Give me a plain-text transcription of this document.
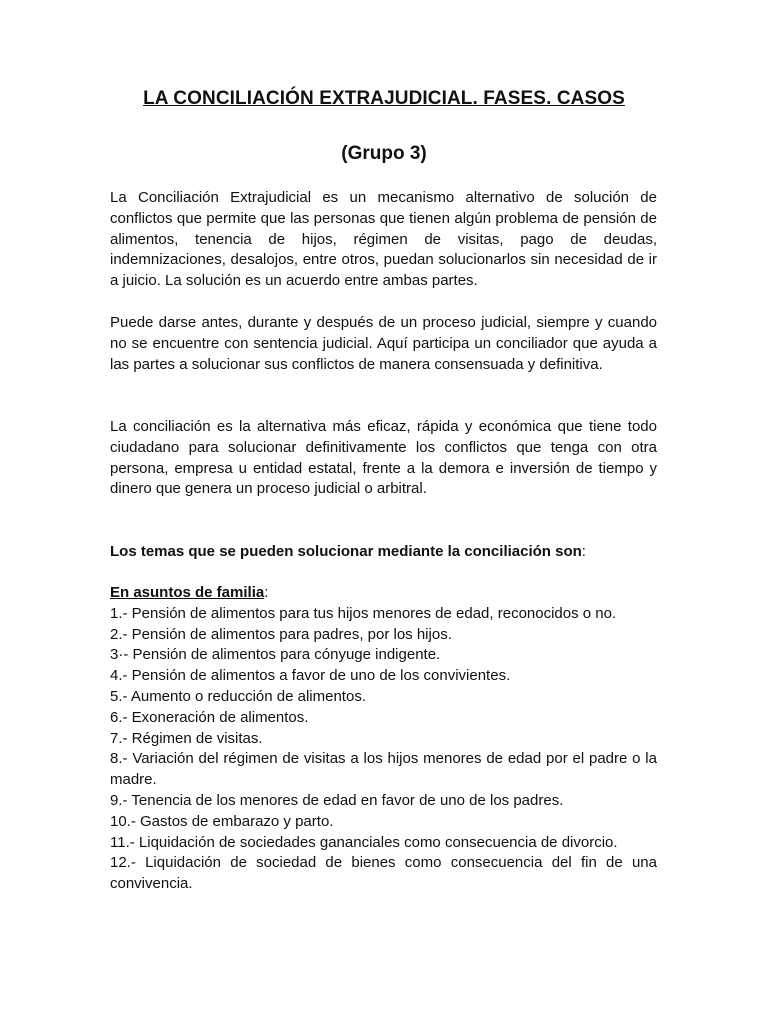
LA CONCILIACIÓN EXTRAJUDICIAL. FASES. CASOS
(Grupo 3)

La Conciliación Extrajudicial es un mecanismo alternativo de solución de conflictos que permite que las personas que tienen algún problema de pensión de alimentos, tenencia de hijos, régimen de visitas, pago de deudas, indemnizaciones, desalojos, entre otros, puedan solucionarlos sin necesidad de ir a juicio. La solución es un acuerdo entre ambas partes.

Puede darse antes, durante y después de un proceso judicial, siempre y cuando no se encuentre con sentencia judicial. Aquí participa un conciliador que ayuda a las partes a solucionar sus conflictos de manera consensuada y definitiva.

La conciliación es la alternativa más eficaz, rápida y económica que tiene todo ciudadano para solucionar definitivamente los conflictos que tenga con otra persona, empresa u entidad estatal, frente a la demora e inversión de tiempo y dinero que genera un proceso judicial o arbitral.

Los temas que se pueden solucionar mediante la conciliación son:

En asuntos de familia:
1.- Pensión de alimentos para tus hijos menores de edad, reconocidos o no.
2.- Pensión de alimentos para padres, por los hijos.
3·- Pensión de alimentos para cónyuge indigente.
4.- Pensión de alimentos a favor de uno de los convivientes.
5.- Aumento o reducción de alimentos.
6.- Exoneración de alimentos.
7.- Régimen de visitas.
8.- Variación del régimen de visitas a los hijos menores de edad por el padre o la madre.
9.- Tenencia de los menores de edad en favor de uno de los padres.
10.- Gastos de embarazo y parto.
11.- Liquidación de sociedades gananciales como consecuencia de divorcio.
12.- Liquidación de sociedad de bienes como consecuencia del fin de una convivencia.
